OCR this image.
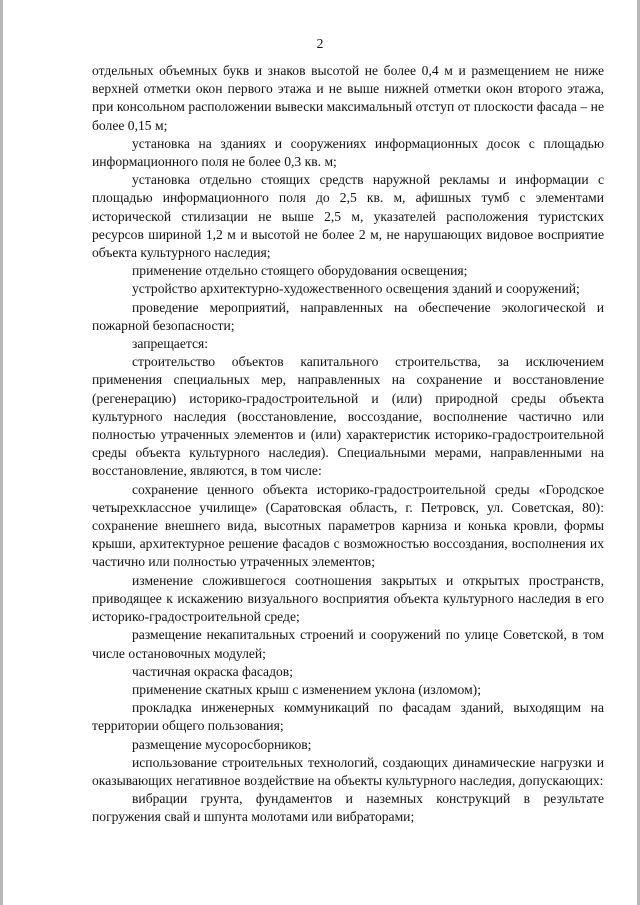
2

отдельных объемных букв и знаков высотой не более 0,4 м и размещением не ниже верхней отметки окон первого этажа и не выше нижней отметки окон второго этажа, при консольном расположении вывески максимальный отступ от плоскости фасада – не более 0,15 м;

установка на зданиях и сооружениях информационных досок с площадью информационного поля не более 0,3 кв. м;

установка отдельно стоящих средств наружной рекламы и информации с площадью информационного поля до 2,5 кв. м, афишных тумб с элементами исторической стилизации не выше 2,5 м, указателей расположения туристских ресурсов шириной 1,2 м и высотой не более 2 м, не нарушающих видовое восприятие объекта культурного наследия;

применение отдельно стоящего оборудования освещения;

устройство архитектурно-художественного освещения зданий и сооружений;

проведение мероприятий, направленных на обеспечение экологической и пожарной безопасности;

запрещается:

строительство объектов капитального строительства, за исключением применения специальных мер, направленных на сохранение и восстановление (регенерацию) историко-градостроительной и (или) природной среды объекта культурного наследия (восстановление, воссоздание, восполнение частично или полностью утраченных элементов и (или) характеристик историко-градостроительной среды объекта культурного наследия). Специальными мерами, направленными на восстановление, являются, в том числе:

сохранение ценного объекта историко-градостроительной среды «Городское четырехклассное училище» (Саратовская область, г. Петровск, ул. Советская, 80): сохранение внешнего вида, высотных параметров карниза и конька кровли, формы крыши, архитектурное решение фасадов с возможностью воссоздания, восполнения их частично или полностью утраченных элементов;

изменение сложившегося соотношения закрытых и открытых пространств, приводящее к искажению визуального восприятия объекта культурного наследия в его историко-градостроительной среде;

размещение некапитальных строений и сооружений по улице Советской, в том числе остановочных модулей;

частичная окраска фасадов;

применение скатных крыш с изменением уклона (изломом);

прокладка инженерных коммуникаций по фасадам зданий, выходящим на территории общего пользования;

размещение мусоросборников;

использование строительных технологий, создающих динамические нагрузки и оказывающих негативное воздействие на объекты культурного наследия, допускающих:

вибрации грунта, фундаментов и наземных конструкций в результате погружения свай и шпунта молотами или вибраторами;
